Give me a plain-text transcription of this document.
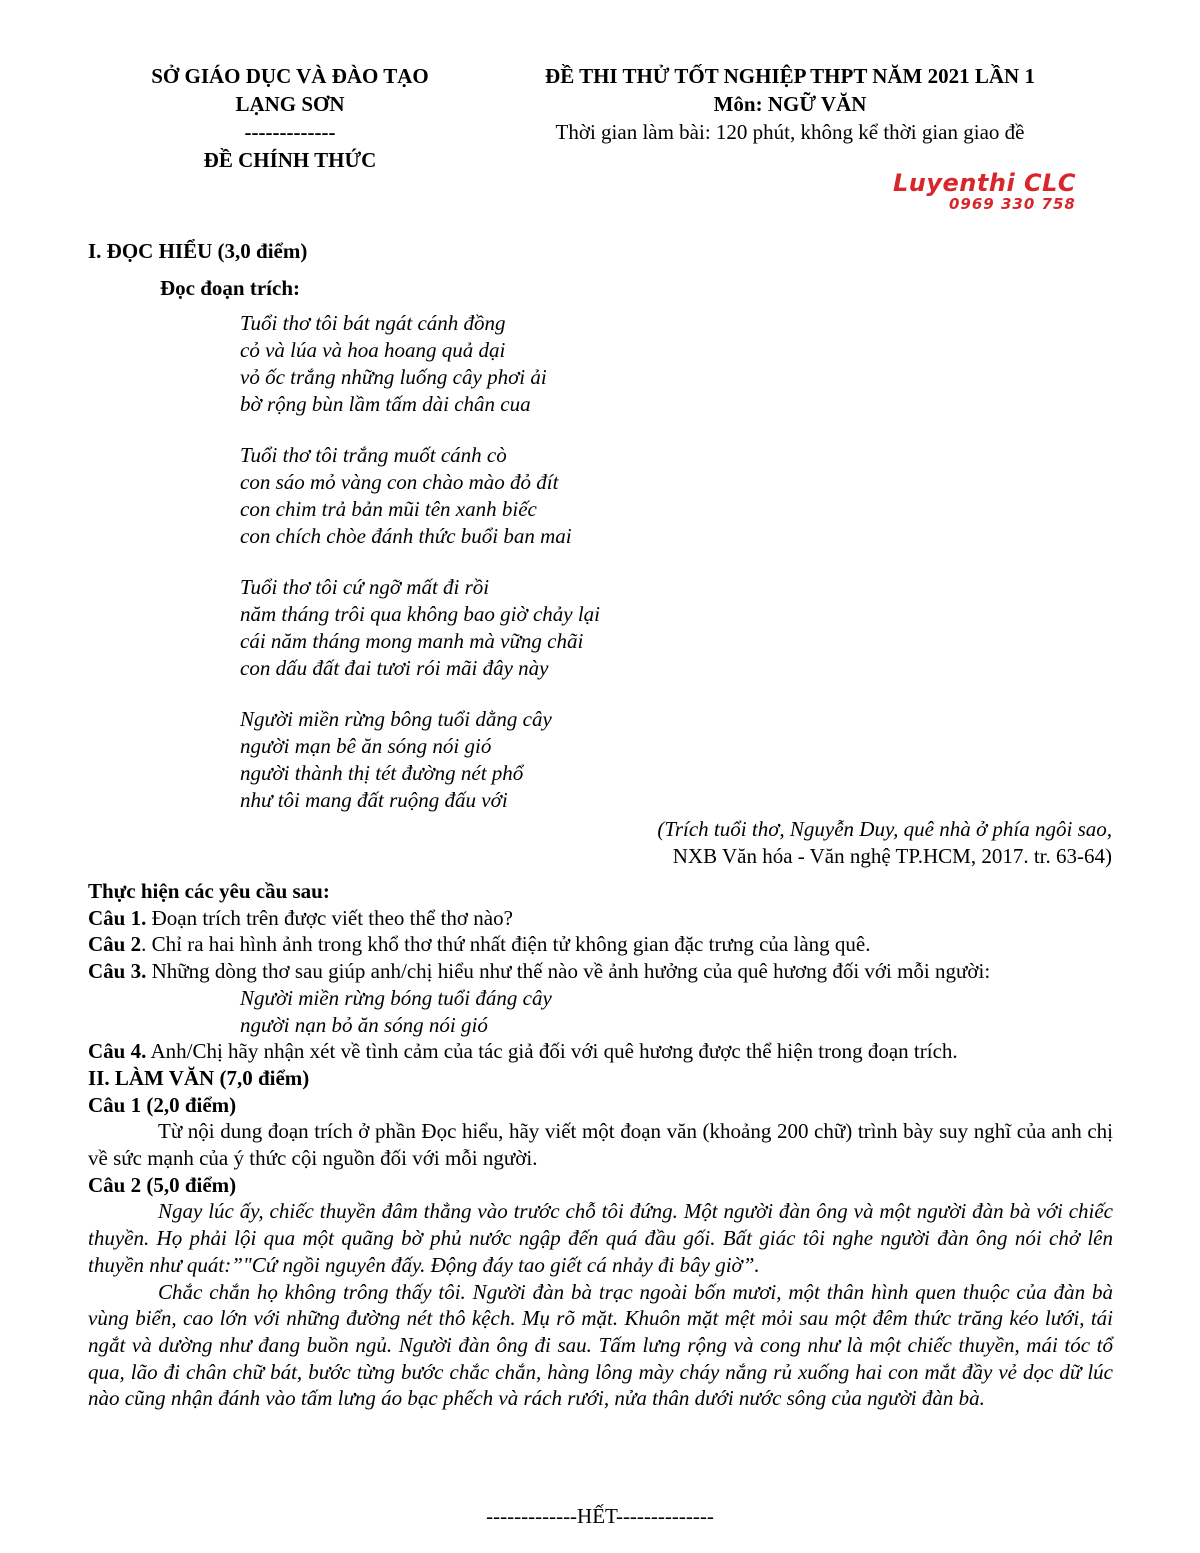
SỞ GIÁO DỤC VÀ ĐÀO TẠO
LẠNG SƠN
-------------
ĐỀ CHÍNH THỨC
ĐỀ THI THỬ TỐT NGHIỆP THPT NĂM 2021 LẦN 1
Môn: NGỮ VĂN
Thời gian làm bài: 120 phút, không kể thời gian giao đề
Luyenthi CLC
0969 330 758
I. ĐỌC HIỂU (3,0 điểm)
Đọc đoạn trích:
Tuổi thơ tôi bát ngát cánh đồng
cỏ và lúa và hoa hoang quả dại
vỏ ốc trắng những luống cây phơi ải
bờ rộng bùn lầm tấm dài chân cua
Tuổi thơ tôi trắng muốt cánh cò
con sáo mỏ vàng con chào mào đỏ đít
con chim trả bản mũi tên xanh biếc
con chích chòe đánh thức buổi ban mai
Tuổi thơ tôi cứ ngỡ mất đi rồi
năm tháng trôi qua không bao giờ chảy lại
cái năm tháng mong manh mà vững chãi
con dấu đất đai tươi rói mãi đây này
Người miền rừng bông tuổi dằng cây
người mạn bê ăn sóng nói gió
người thành thị tét đường nét phổ
như tôi mang đất ruộng đấu với
(Trích tuổi thơ, Nguyễn Duy, quê nhà ở phía ngôi sao,
NXB Văn hóa - Văn nghệ TP.HCM, 2017. tr. 63-64)

Thực hiện các yêu cầu sau:

Câu 1. Đoạn trích trên được viết theo thể thơ nào?

Câu 2. Chỉ ra hai hình ảnh trong khổ thơ thứ nhất điện tử không gian đặc trưng của làng quê.

Câu 3. Những dòng thơ sau giúp anh/chị hiểu như thế nào về ảnh hưởng của quê hương đối với mỗi người:

Người miền rừng bóng tuổi đáng cây

người nạn bỏ ăn sóng nói gió

Câu 4. Anh/Chị hãy nhận xét về tình cảm của tác giả đối với quê hương được thể hiện trong đoạn trích.

II. LÀM VĂN (7,0 điểm)

Câu 1 (2,0 điểm)

Từ nội dung đoạn trích ở phần Đọc hiểu, hãy viết một đoạn văn (khoảng 200 chữ) trình bày suy nghĩ của anh chị về sức mạnh của ý thức cội nguồn đối với mỗi người.

Câu 2 (5,0 điểm)

Ngay lúc ấy, chiếc thuyền đâm thẳng vào trước chỗ tôi đứng. Một người đàn ông và một người đàn bà với chiếc thuyền. Họ phải lội qua một quãng bờ phủ nước ngập đến quá đầu gối. Bất giác tôi nghe người đàn ông nói chở lên thuyền như quát:”"Cứ ngồi nguyên đấy. Động đáy tao giết cá nhảy đi bây giờ”.

Chắc chắn họ không trông thấy tôi. Người đàn bà trạc ngoài bốn mươi, một thân hình quen thuộc của đàn bà vùng biển, cao lớn với những đường nét thô kệch. Mụ rõ mặt. Khuôn mặt mệt mỏi sau một đêm thức trăng kéo lưới, tái ngắt và dường như đang buồn ngủ. Người đàn ông đi sau. Tấm lưng rộng và cong như là một chiếc thuyền, mái tóc tổ qua, lão đi chân chữ bát, bước từng bước chắc chắn, hàng lông mày cháy nắng rủ xuống hai con mắt đầy vẻ dọc dữ lúc nào cũng nhận đánh vào tấm lưng áo bạc phếch và rách rưới, nửa thân dưới nước sông của người đàn bà.

-------------HẾT--------------
